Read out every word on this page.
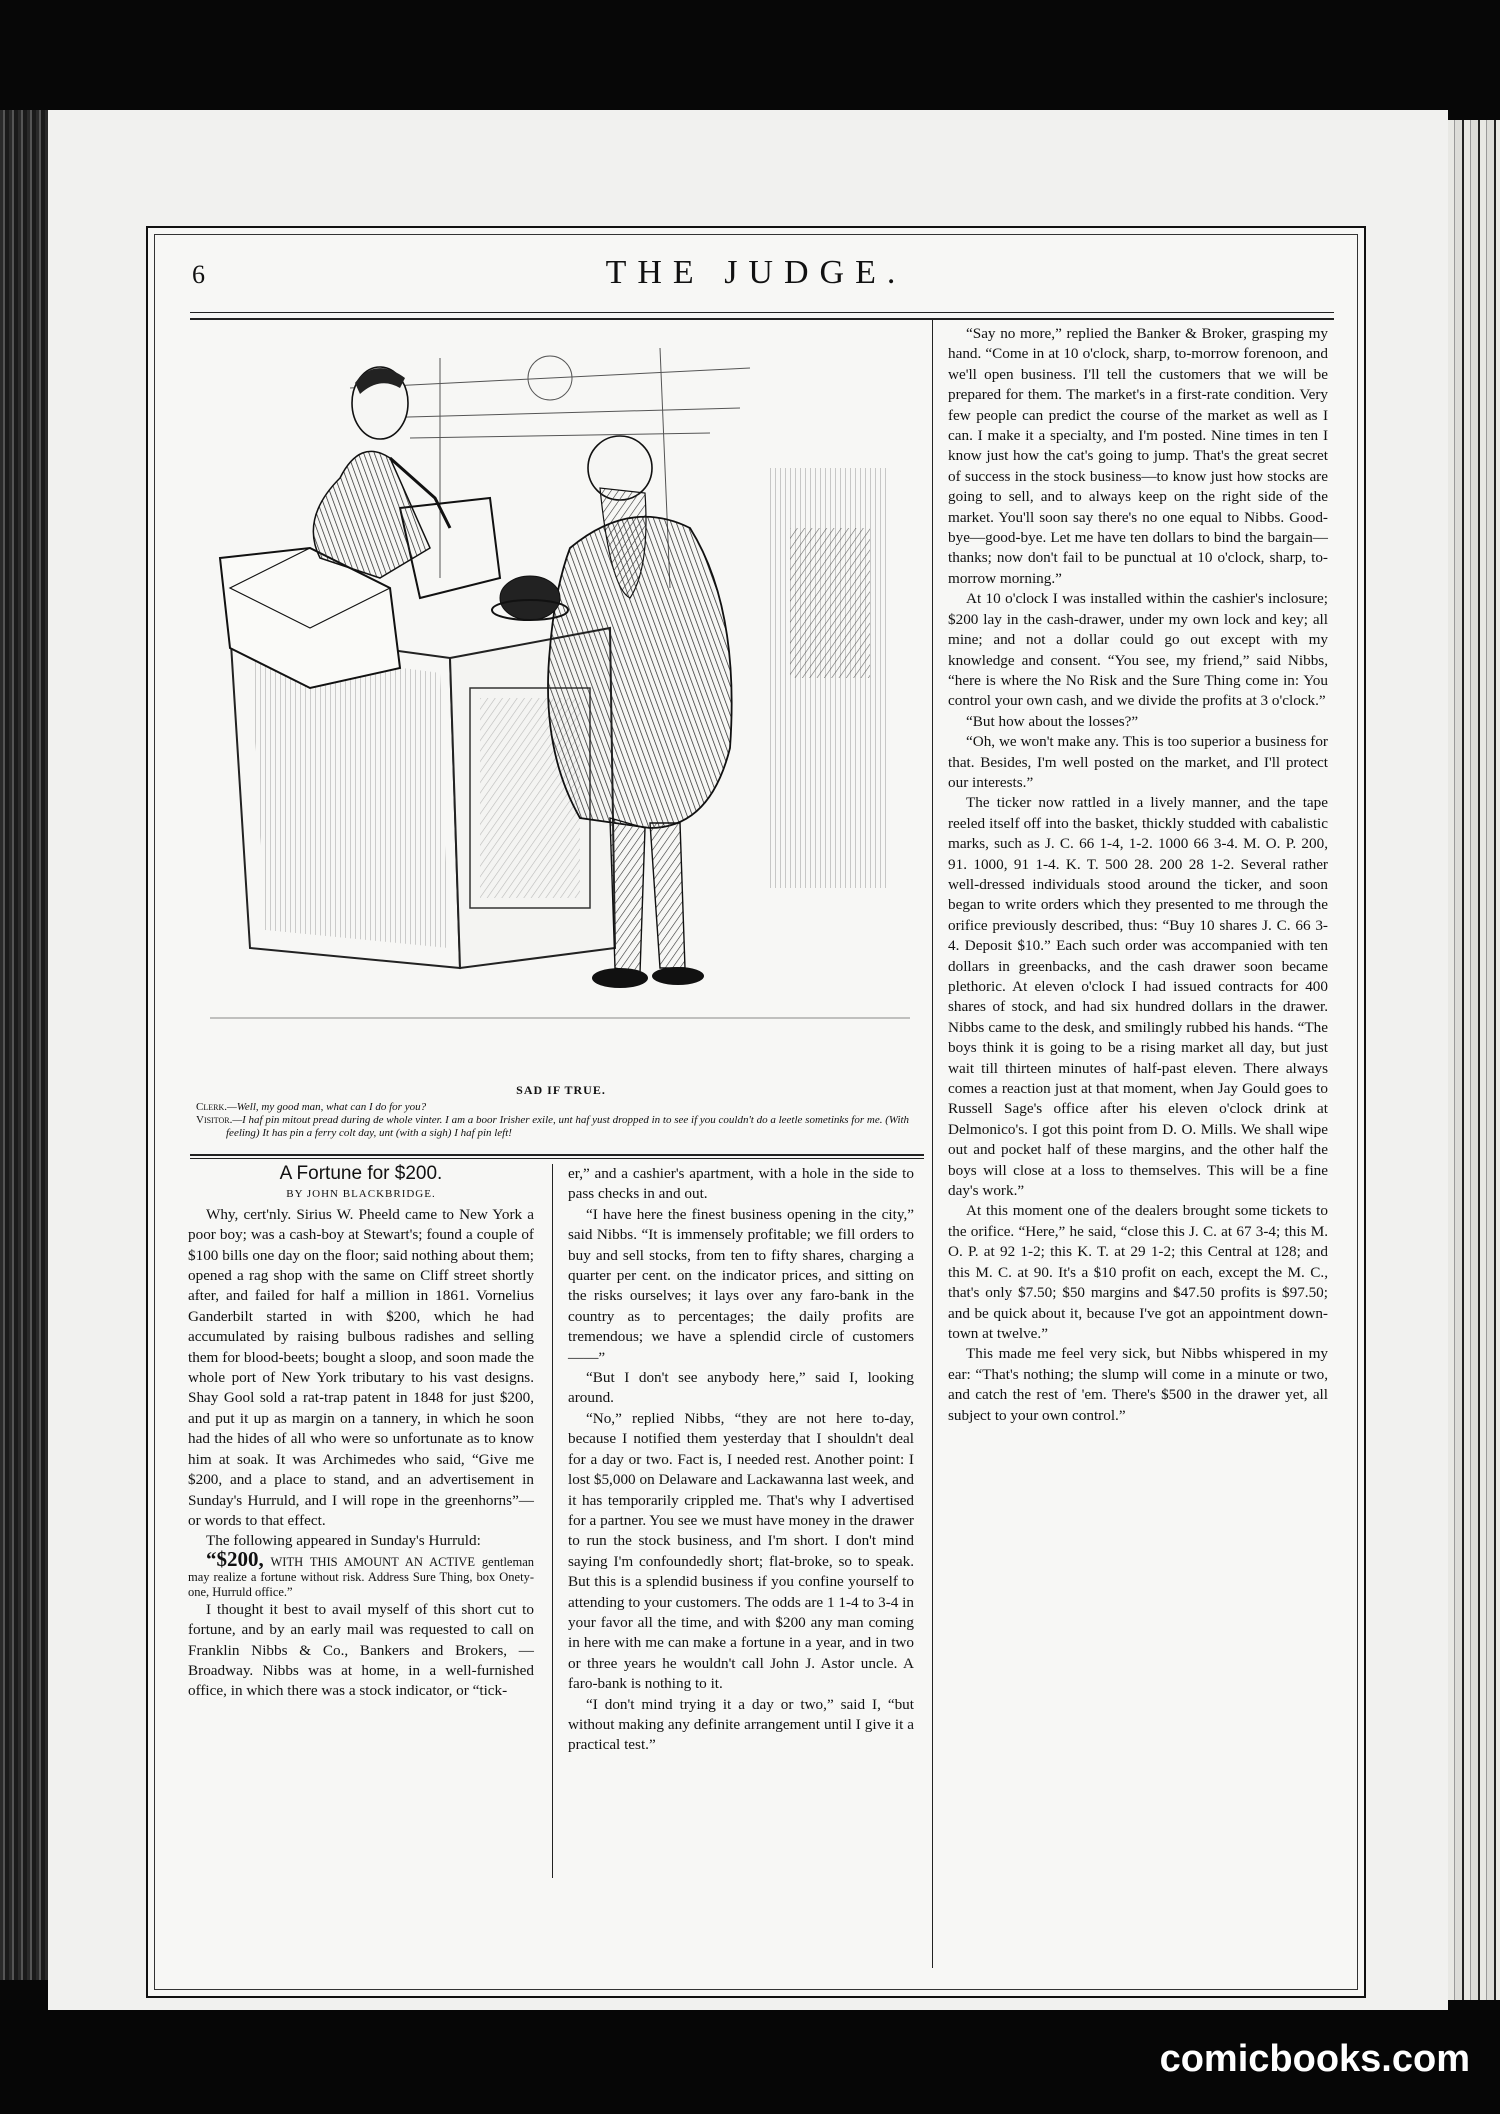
6	THE JUDGE.
SAD IF TRUE.

Clerk.—Well, my good man, what can I do for you?

Visitor.—I haf pin mitout pread during de whole vinter. I am a boor Irisher exile, unt haf yust dropped in to see if you couldn't do a leetle sometinks for me. (With feeling) It has pin a ferry colt day, unt (with a sigh) I haf pin left!

A Fortune for $200.

BY JOHN BLACKBRIDGE.

Why, cert'nly. Sirius W. Pheeld came to New York a poor boy; was a cash-boy at Stewart's; found a couple of $100 bills one day on the floor; said nothing about them; opened a rag shop with the same on Cliff street shortly after, and failed for half a million in 1861. Vornelius Ganderbilt started in with $200, which he had accumulated by raising bulbous radishes and selling them for blood-beets; bought a sloop, and soon made the whole port of New York tributary to his vast designs. Shay Gool sold a rat-trap patent in 1848 for just $200, and put it up as margin on a tannery, in which he soon had the hides of all who were so unfortunate as to know him at soak. It was Archimedes who said, “Give me $200, and a place to stand, and an advertisement in Sunday's Hurruld, and I will rope in the greenhorns”—or words to that effect.

The following appeared in Sunday's Hurruld:

“$200, WITH THIS AMOUNT AN ACTIVE gentleman may realize a fortune without risk. Address Sure Thing, box Onety-one, Hurruld office.”

I thought it best to avail myself of this short cut to fortune, and by an early mail was requested to call on Franklin Nibbs & Co., Bankers and Brokers, — Broadway. Nibbs was at home, in a well-furnished office, in which there was a stock indicator, or “tick-

er,” and a cashier's apartment, with a hole in the side to pass checks in and out.

“I have here the finest business opening in the city,” said Nibbs. “It is immensely profitable; we fill orders to buy and sell stocks, from ten to fifty shares, charging a quarter per cent. on the indicator prices, and sitting on the risks ourselves; it lays over any faro-bank in the country as to percentages; the daily profits are tremendous; we have a splendid circle of customers——”

“But I don't see anybody here,” said I, looking around.

“No,” replied Nibbs, “they are not here to-day, because I notified them yesterday that I shouldn't deal for a day or two. Fact is, I needed rest. Another point: I lost $5,000 on Delaware and Lackawanna last week, and it has temporarily crippled me. That's why I advertised for a partner. You see we must have money in the drawer to run the stock business, and I'm short. I don't mind saying I'm confoundedly short; flat-broke, so to speak. But this is a splendid business if you confine yourself to attending to your customers. The odds are 1 1-4 to 3-4 in your favor all the time, and with $200 any man coming in here with me can make a fortune in a year, and in two or three years he wouldn't call John J. Astor uncle. A faro-bank is nothing to it.

“I don't mind trying it a day or two,” said I, “but without making any definite arrangement until I give it a practical test.”

“Say no more,” replied the Banker & Broker, grasping my hand. “Come in at 10 o'clock, sharp, to-morrow forenoon, and we'll open business. I'll tell the customers that we will be prepared for them. The market's in a first-rate condition. Very few people can predict the course of the market as well as I can. I make it a specialty, and I'm posted. Nine times in ten I know just how the cat's going to jump. That's the great secret of success in the stock business—to know just how stocks are going to sell, and to always keep on the right side of the market. You'll soon say there's no one equal to Nibbs. Good-bye—good-bye. Let me have ten dollars to bind the bargain—thanks; now don't fail to be punctual at 10 o'clock, sharp, to-morrow morning.”

At 10 o'clock I was installed within the cashier's inclosure; $200 lay in the cash-drawer, under my own lock and key; all mine; and not a dollar could go out except with my knowledge and consent. “You see, my friend,” said Nibbs, “here is where the No Risk and the Sure Thing come in: You control your own cash, and we divide the profits at 3 o'clock.”

“But how about the losses?”

“Oh, we won't make any. This is too superior a business for that. Besides, I'm well posted on the market, and I'll protect our interests.”

The ticker now rattled in a lively manner, and the tape reeled itself off into the basket, thickly studded with cabalistic marks, such as J. C. 66 1-4, 1-2. 1000 66 3-4. M. O. P. 200, 91. 1000, 91 1-4. K. T. 500 28. 200 28 1-2. Several rather well-dressed individuals stood around the ticker, and soon began to write orders which they presented to me through the orifice previously described, thus: “Buy 10 shares J. C. 66 3-4. Deposit $10.” Each such order was accompanied with ten dollars in greenbacks, and the cash drawer soon became plethoric. At eleven o'clock I had issued contracts for 400 shares of stock, and had six hundred dollars in the drawer. Nibbs came to the desk, and smilingly rubbed his hands. “The boys think it is going to be a rising market all day, but just wait till thirteen minutes of half-past eleven. There always comes a reaction just at that moment, when Jay Gould goes to Russell Sage's office after his eleven o'clock drink at Delmonico's. I got this point from D. O. Mills. We shall wipe out and pocket half of these margins, and the other half the boys will close at a loss to themselves. This will be a fine day's work.”

At this moment one of the dealers brought some tickets to the orifice. “Here,” he said, “close this J. C. at 67 3-4; this M. O. P. at 92 1-2; this K. T. at 29 1-2; this Central at 128; and this M. C. at 90. It's a $10 profit on each, except the M. C., that's only $7.50; $50 margins and $47.50 profits is $97.50; and be quick about it, because I've got an appointment down-town at twelve.”

This made me feel very sick, but Nibbs whispered in my ear: “That's nothing; the slump will come in a minute or two, and catch the rest of 'em. There's $500 in the drawer yet, all subject to your own control.”

comicbooks.com
